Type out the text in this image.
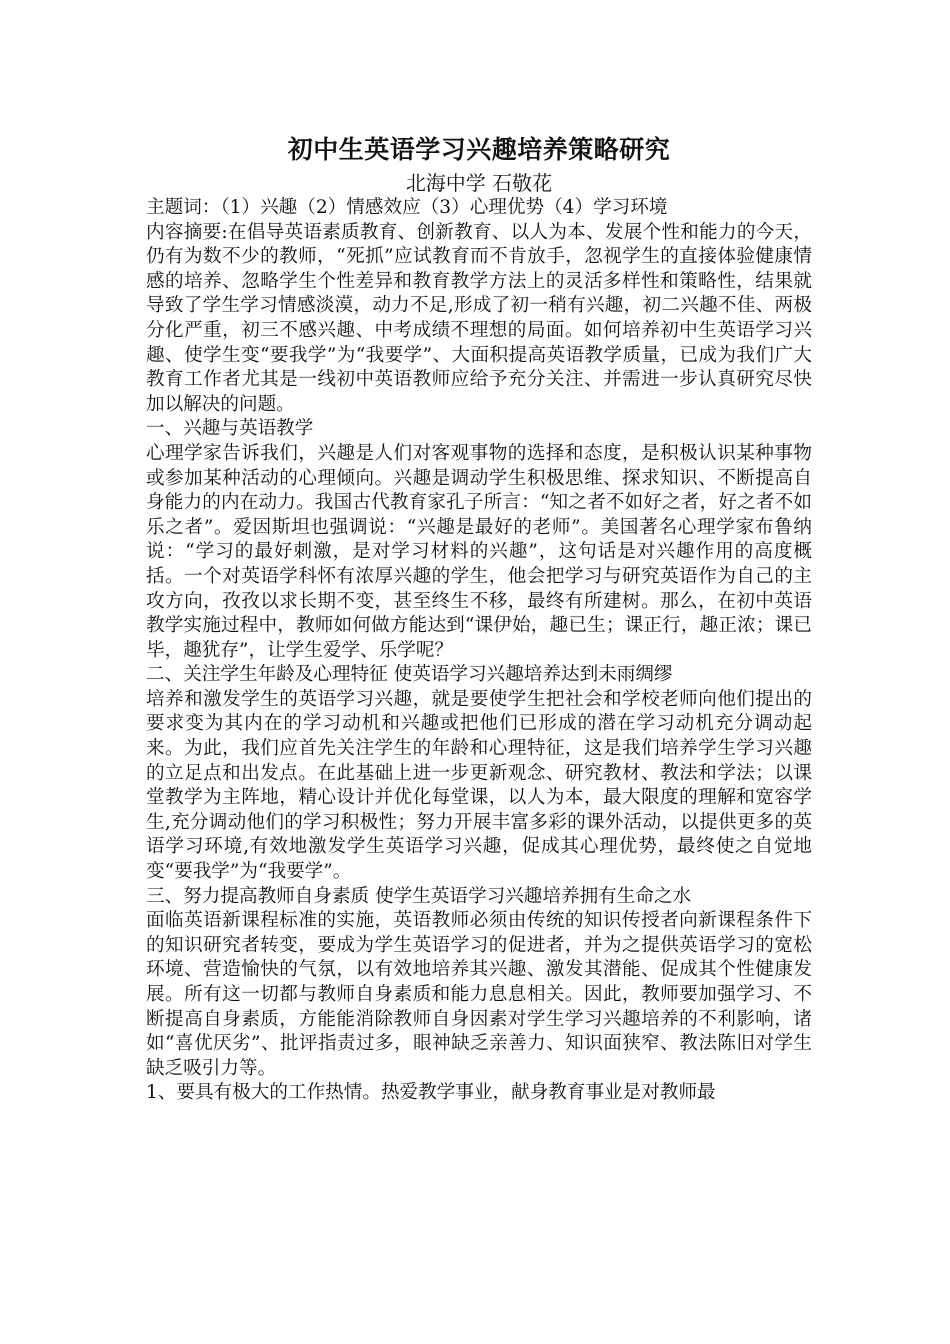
初中生英语学习兴趣培养策略研究
北海中学 石敬花

主题词：（1）兴趣（2）情感效应（3）心理优势（4）学习环境

内容摘要:在倡导英语素质教育、创新教育、以人为本、发展个性和能力的今天，仍有为数不少的教师，“死抓”应试教育而不肯放手，忽视学生的直接体验健康情感的培养、忽略学生个性差异和教育教学方法上的灵活多样性和策略性，结果就导致了学生学习情感淡漠，动力不足,形成了初一稍有兴趣，初二兴趣不佳、两极分化严重，初三不感兴趣、中考成绩不理想的局面。如何培养初中生英语学习兴趣、使学生变“要我学”为“我要学”、大面积提高英语教学质量，已成为我们广大教育工作者尤其是一线初中英语教师应给予充分关注、并需进一步认真研究尽快加以解决的问题。

一、兴趣与英语教学

心理学家告诉我们，兴趣是人们对客观事物的选择和态度，是积极认识某种事物或参加某种活动的心理倾向。兴趣是调动学生积极思维、探求知识、不断提高自身能力的内在动力。我国古代教育家孔子所言：“知之者不如好之者，好之者不如乐之者”。爱因斯坦也强调说：“兴趣是最好的老师”。美国著名心理学家布鲁纳说：“学习的最好刺激，是对学习材料的兴趣”，这句话是对兴趣作用的高度概括。一个对英语学科怀有浓厚兴趣的学生，他会把学习与研究英语作为自己的主攻方向，孜孜以求长期不变，甚至终生不移，最终有所建树。那么，在初中英语教学实施过程中，教师如何做方能达到“课伊始，趣已生；课正行，趣正浓；课已毕，趣犹存”，让学生爱学、乐学呢？

二、关注学生年龄及心理特征 使英语学习兴趣培养达到未雨绸缪

培养和激发学生的英语学习兴趣，就是要使学生把社会和学校老师向他们提出的要求变为其内在的学习动机和兴趣或把他们已形成的潜在学习动机充分调动起来。为此，我们应首先关注学生的年龄和心理特征，这是我们培养学生学习兴趣的立足点和出发点。在此基础上进一步更新观念、研究教材、教法和学法；以课堂教学为主阵地，精心设计并优化每堂课，以人为本，最大限度的理解和宽容学生,充分调动他们的学习积极性；努力开展丰富多彩的课外活动，以提供更多的英语学习环境,有效地激发学生英语学习兴趣，促成其心理优势，最终使之自觉地变“要我学”为“我要学”。

三、努力提高教师自身素质 使学生英语学习兴趣培养拥有生命之水

面临英语新课程标准的实施，英语教师必须由传统的知识传授者向新课程条件下的知识研究者转变，要成为学生英语学习的促进者，并为之提供英语学习的宽松环境、营造愉快的气氛，以有效地培养其兴趣、激发其潜能、促成其个性健康发展。所有这一切都与教师自身素质和能力息息相关。因此，教师要加强学习、不断提高自身素质，方能能消除教师自身因素对学生学习兴趣培养的不利影响，诸如“喜优厌劣”、批评指责过多，眼神缺乏亲善力、知识面狭窄、教法陈旧对学生缺乏吸引力等。

1、要具有极大的工作热情。热爱教学事业，献身教育事业是对教师最
